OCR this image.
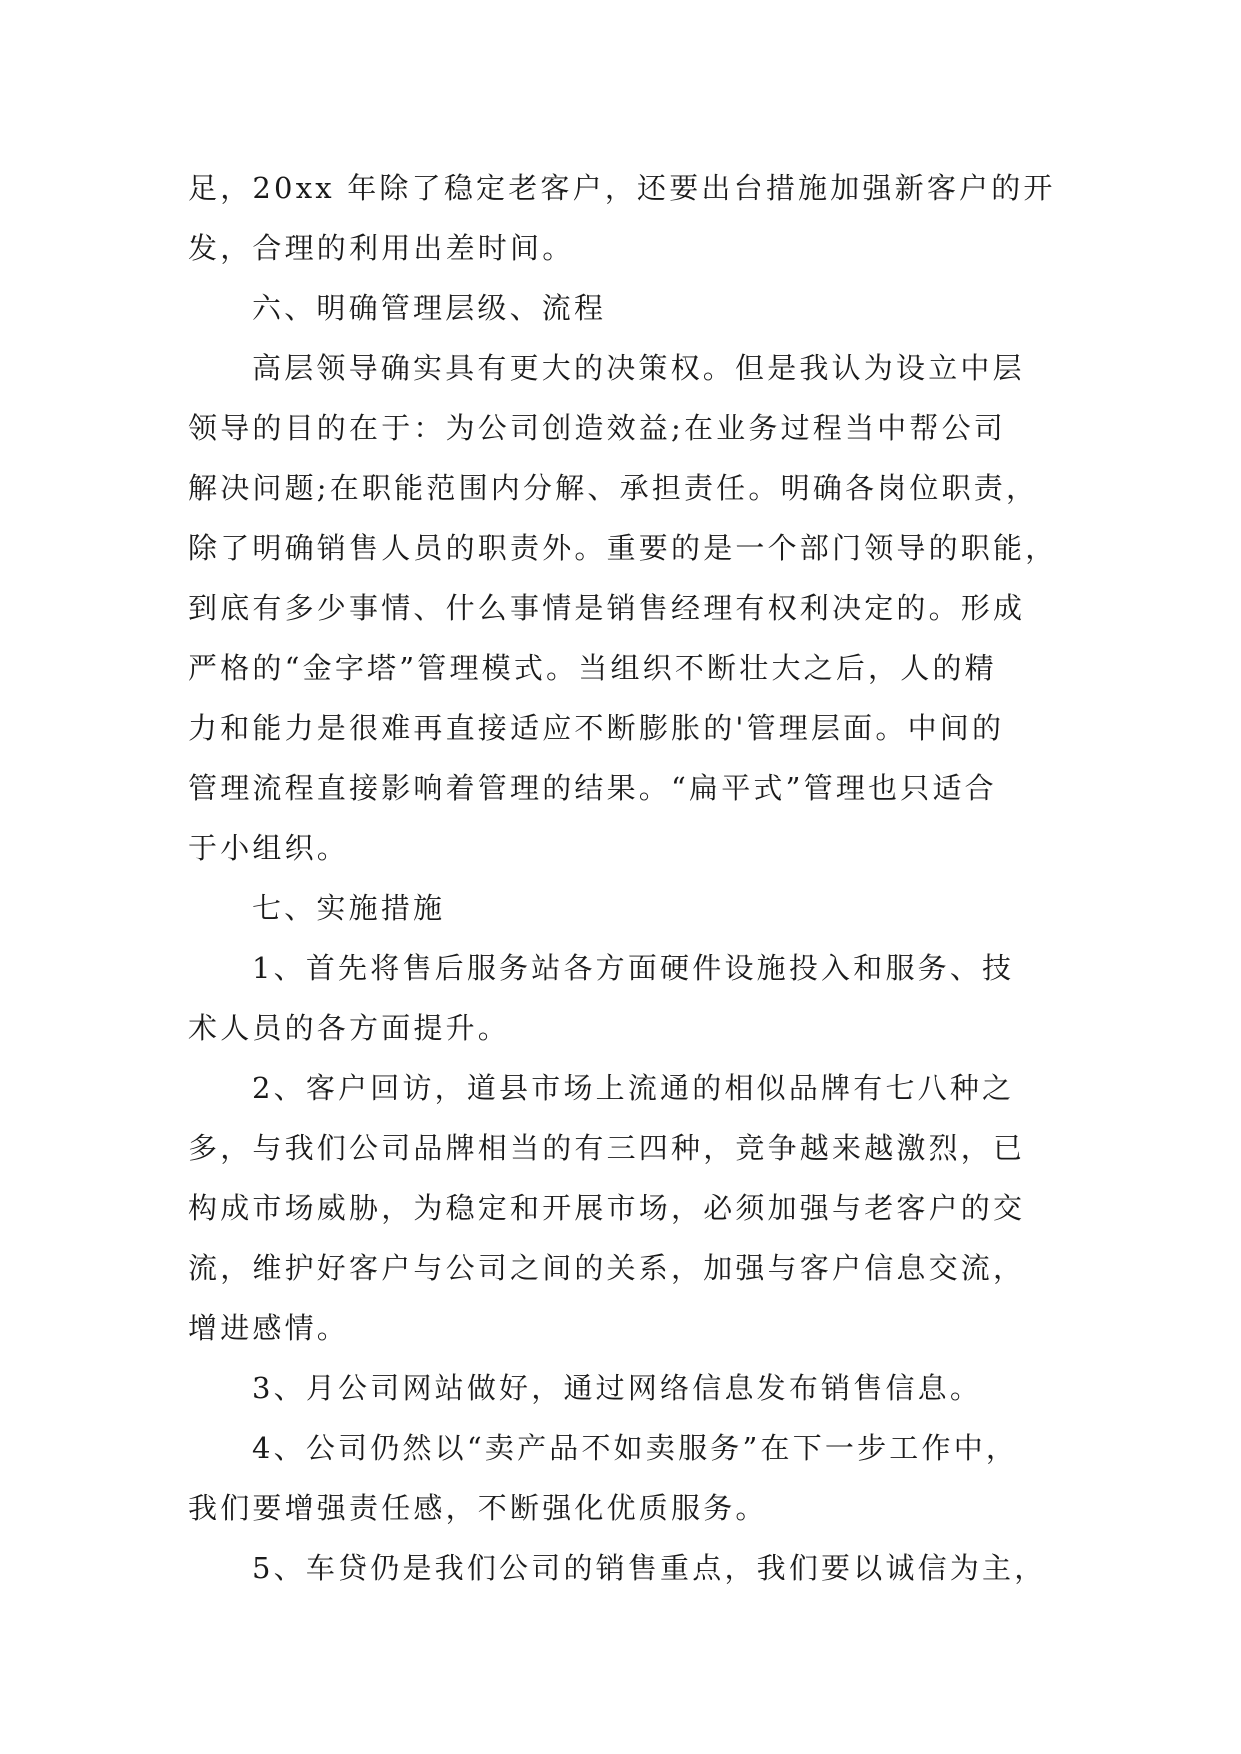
足，20xx 年除了稳定老客户，还要出台措施加强新客户的开
发，合理的利用出差时间。
六、明确管理层级、流程
高层领导确实具有更大的决策权。但是我认为设立中层
领导的目的在于：为公司创造效益;在业务过程当中帮公司
解决问题;在职能范围内分解、承担责任。明确各岗位职责，
除了明确销售人员的职责外。重要的是一个部门领导的职能，
到底有多少事情、什么事情是销售经理有权利决定的。形成
严格的“金字塔”管理模式。当组织不断壮大之后，人的精
力和能力是很难再直接适应不断膨胀的'管理层面。中间的
管理流程直接影响着管理的结果。“扁平式”管理也只适合
于小组织。
七、实施措施
1、首先将售后服务站各方面硬件设施投入和服务、技
术人员的各方面提升。
2、客户回访，道县市场上流通的相似品牌有七八种之
多，与我们公司品牌相当的有三四种，竞争越来越激烈，已
构成市场威胁，为稳定和开展市场，必须加强与老客户的交
流，维护好客户与公司之间的关系，加强与客户信息交流，
增进感情。
3、月公司网站做好，通过网络信息发布销售信息。
4、公司仍然以“卖产品不如卖服务”在下一步工作中，
我们要增强责任感，不断强化优质服务。
5、车贷仍是我们公司的销售重点，我们要以诚信为主，
